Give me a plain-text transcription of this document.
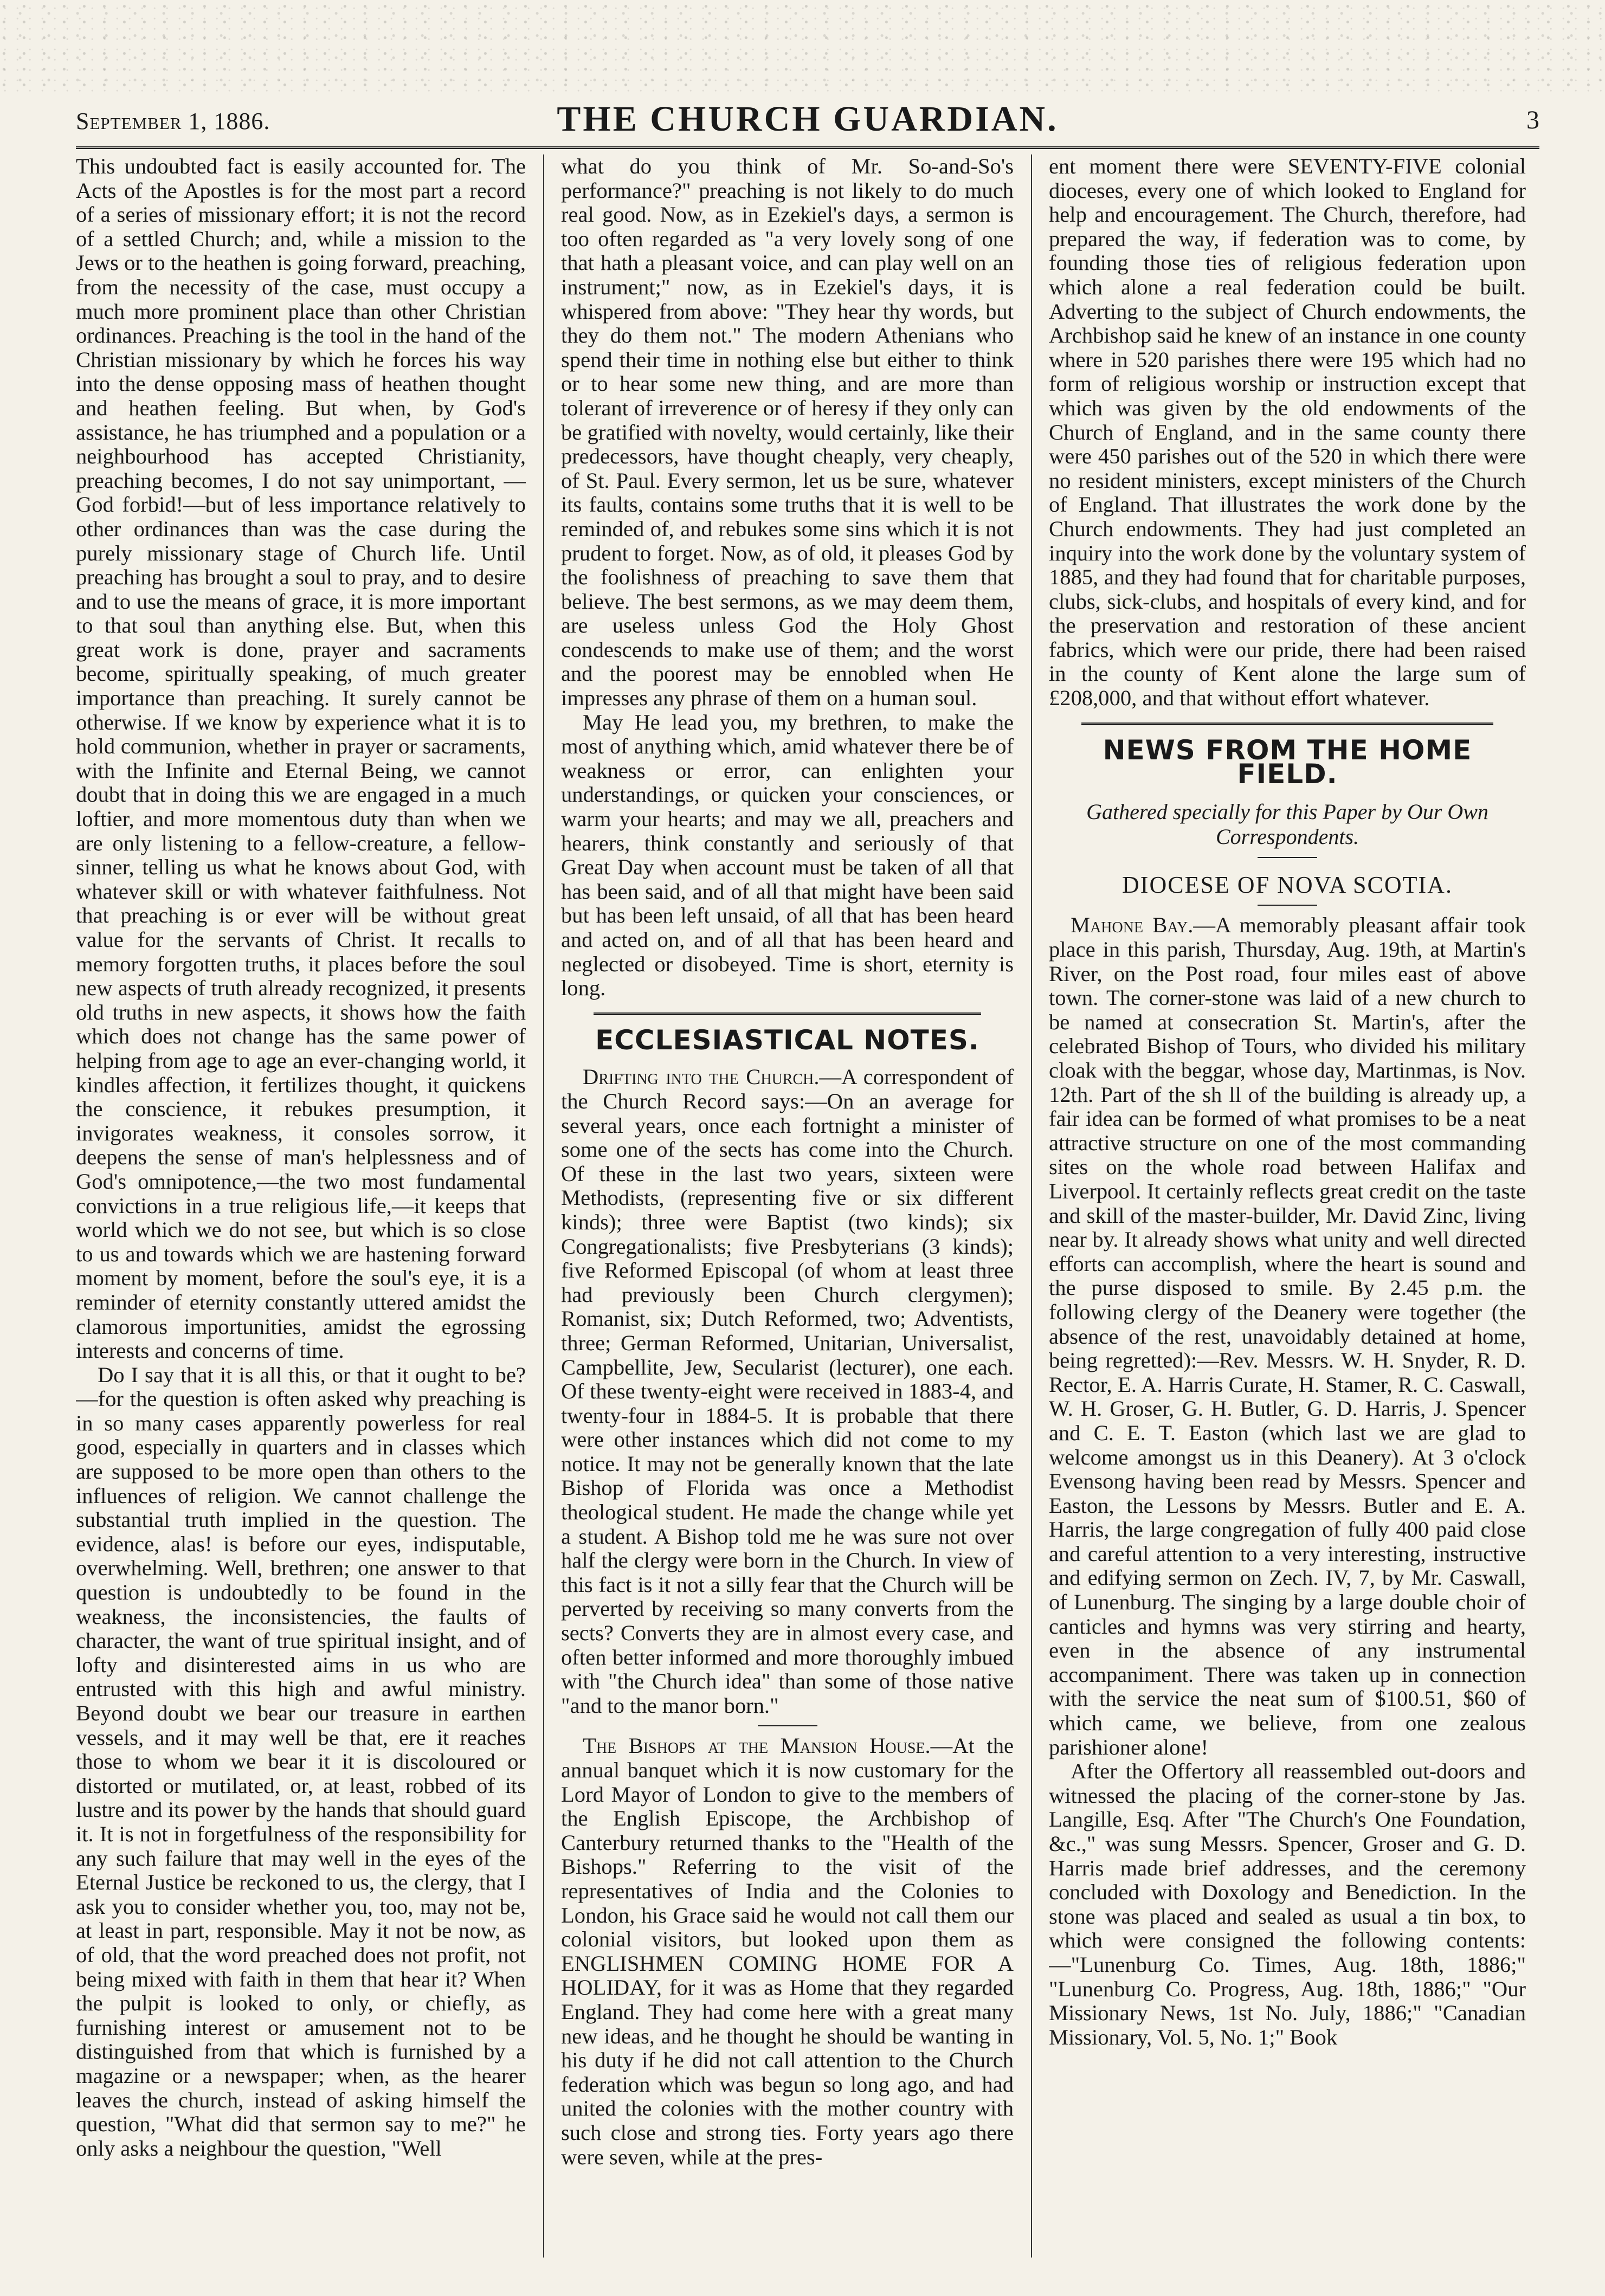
September 1, 1886.	THE CHURCH GUARDIAN.	3

This undoubted fact is easily accounted for. The Acts of the Apostles is for the most part a record of a series of missionary effort; it is not the record of a settled Church; and, while a mission to the Jews or to the heathen is going forward, preaching, from the necessity of the case, must occupy a much more prominent place than other Christian ordinances. Preaching is the tool in the hand of the Christian missionary by which he forces his way into the dense opposing mass of heathen thought and heathen feeling. But when, by God's assistance, he has triumphed and a population or a neighbourhood has accepted Christianity, preaching becomes, I do not say unimportant, —God forbid!—but of less importance relatively to other ordinances than was the case during the purely missionary stage of Church life. Until preaching has brought a soul to pray, and to desire and to use the means of grace, it is more important to that soul than anything else. But, when this great work is done, prayer and sacraments become, spiritually speaking, of much greater importance than preaching. It surely cannot be otherwise. If we know by experience what it is to hold communion, whether in prayer or sacraments, with the Infinite and Eternal Being, we cannot doubt that in doing this we are engaged in a much loftier, and more momentous duty than when we are only listening to a fellow-creature, a fellow-sinner, telling us what he knows about God, with whatever skill or with whatever faithfulness. Not that preaching is or ever will be without great value for the servants of Christ. It recalls to memory forgotten truths, it places before the soul new aspects of truth already recognized, it presents old truths in new aspects, it shows how the faith which does not change has the same power of helping from age to age an ever-changing world, it kindles affection, it fertilizes thought, it quickens the conscience, it rebukes presumption, it invigorates weakness, it consoles sorrow, it deepens the sense of man's helplessness and of God's omnipotence,—the two most fundamental convictions in a true religious life,—it keeps that world which we do not see, but which is so close to us and towards which we are hastening forward moment by moment, before the soul's eye, it is a reminder of eternity constantly uttered amidst the clamorous importunities, amidst the egrossing interests and concerns of time.

Do I say that it is all this, or that it ought to be?—for the question is often asked why preaching is in so many cases apparently powerless for real good, especially in quarters and in classes which are supposed to be more open than others to the influences of religion. We cannot challenge the substantial truth implied in the question. The evidence, alas! is before our eyes, indisputable, overwhelming. Well, brethren; one answer to that question is undoubtedly to be found in the weakness, the inconsistencies, the faults of character, the want of true spiritual insight, and of lofty and disinterested aims in us who are entrusted with this high and awful ministry. Beyond doubt we bear our treasure in earthen vessels, and it may well be that, ere it reaches those to whom we bear it it is discoloured or distorted or mutilated, or, at least, robbed of its lustre and its power by the hands that should guard it. It is not in forgetfulness of the responsibility for any such failure that may well in the eyes of the Eternal Justice be reckoned to us, the clergy, that I ask you to consider whether you, too, may not be, at least in part, responsible. May it not be now, as of old, that the word preached does not profit, not being mixed with faith in them that hear it? When the pulpit is looked to only, or chiefly, as furnishing interest or amusement not to be distinguished from that which is furnished by a magazine or a newspaper; when, as the hearer leaves the church, instead of asking himself the question, "What did that sermon say to me?" he only asks a neighbour the question, "Well

what do you think of Mr. So-and-So's performance?" preaching is not likely to do much real good. Now, as in Ezekiel's days, a sermon is too often regarded as "a very lovely song of one that hath a pleasant voice, and can play well on an instrument;" now, as in Ezekiel's days, it is whispered from above: "They hear thy words, but they do them not." The modern Athenians who spend their time in nothing else but either to think or to hear some new thing, and are more than tolerant of irreverence or of heresy if they only can be gratified with novelty, would certainly, like their predecessors, have thought cheaply, very cheaply, of St. Paul. Every sermon, let us be sure, whatever its faults, contains some truths that it is well to be reminded of, and rebukes some sins which it is not prudent to forget. Now, as of old, it pleases God by the foolishness of preaching to save them that believe. The best sermons, as we may deem them, are useless unless God the Holy Ghost condescends to make use of them; and the worst and the poorest may be ennobled when He impresses any phrase of them on a human soul.

May He lead you, my brethren, to make the most of anything which, amid whatever there be of weakness or error, can enlighten your understandings, or quicken your consciences, or warm your hearts; and may we all, preachers and hearers, think constantly and seriously of that Great Day when account must be taken of all that has been said, and of all that might have been said but has been left unsaid, of all that has been heard and acted on, and of all that has been heard and neglected or disobeyed. Time is short, eternity is long.

ECCLESIASTICAL NOTES.

Drifting into the Church.—A correspondent of the Church Record says:—On an average for several years, once each fortnight a minister of some one of the sects has come into the Church. Of these in the last two years, sixteen were Methodists, (representing five or six different kinds); three were Baptist (two kinds); six Congregationalists; five Presbyterians (3 kinds); five Reformed Episcopal (of whom at least three had previously been Church clergymen); Romanist, six; Dutch Reformed, two; Adventists, three; German Reformed, Unitarian, Universalist, Campbellite, Jew, Secularist (lecturer), one each. Of these twenty-eight were received in 1883-4, and twenty-four in 1884-5. It is probable that there were other instances which did not come to my notice. It may not be generally known that the late Bishop of Florida was once a Methodist theological student. He made the change while yet a student. A Bishop told me he was sure not over half the clergy were born in the Church. In view of this fact is it not a silly fear that the Church will be perverted by receiving so many converts from the sects? Converts they are in almost every case, and often better informed and more thoroughly imbued with "the Church idea" than some of those native "and to the manor born."

The Bishops at the Mansion House.—At the annual banquet which it is now customary for the Lord Mayor of London to give to the members of the English Episcope, the Archbishop of Canterbury returned thanks to the "Health of the Bishops." Referring to the visit of the representatives of India and the Colonies to London, his Grace said he would not call them our colonial visitors, but looked upon them as ENGLISHMEN COMING HOME FOR A HOLIDAY, for it was as Home that they regarded England. They had come here with a great many new ideas, and he thought he should be wanting in his duty if he did not call attention to the Church federation which was begun so long ago, and had united the colonies with the mother country with such close and strong ties. Forty years ago there were seven, while at the pres-

ent moment there were SEVENTY-FIVE colonial dioceses, every one of which looked to England for help and encouragement. The Church, therefore, had prepared the way, if federation was to come, by founding those ties of religious federation upon which alone a real federation could be built. Adverting to the subject of Church endowments, the Archbishop said he knew of an instance in one county where in 520 parishes there were 195 which had no form of religious worship or instruction except that which was given by the old endowments of the Church of England, and in the same county there were 450 parishes out of the 520 in which there were no resident ministers, except ministers of the Church of England. That illustrates the work done by the Church endowments. They had just completed an inquiry into the work done by the voluntary system of 1885, and they had found that for charitable purposes, clubs, sick-clubs, and hospitals of every kind, and for the preservation and restoration of these ancient fabrics, which were our pride, there had been raised in the county of Kent alone the large sum of £208,000, and that without effort whatever.

NEWS FROM THE HOME FIELD.
Gathered specially for this Paper by Our Own Correspondents.
DIOCESE OF NOVA SCOTIA.

Mahone Bay.—A memorably pleasant affair took place in this parish, Thursday, Aug. 19th, at Martin's River, on the Post road, four miles east of above town. The corner-stone was laid of a new church to be named at consecration St. Martin's, after the celebrated Bishop of Tours, who divided his military cloak with the beggar, whose day, Martinmas, is Nov. 12th. Part of the sh ll of the building is already up, a fair idea can be formed of what promises to be a neat attractive structure on one of the most commanding sites on the whole road between Halifax and Liverpool. It certainly reflects great credit on the taste and skill of the master-builder, Mr. David Zinc, living near by. It already shows what unity and well directed efforts can accomplish, where the heart is sound and the purse disposed to smile. By 2.45 p.m. the following clergy of the Deanery were together (the absence of the rest, unavoidably detained at home, being regretted):—Rev. Messrs. W. H. Snyder, R. D. Rector, E. A. Harris Curate, H. Stamer, R. C. Caswall, W. H. Groser, G. H. Butler, G. D. Harris, J. Spencer and C. E. T. Easton (which last we are glad to welcome amongst us in this Deanery). At 3 o'clock Evensong having been read by Messrs. Spencer and Easton, the Lessons by Messrs. Butler and E. A. Harris, the large congregation of fully 400 paid close and careful attention to a very interesting, instructive and edifying sermon on Zech. IV, 7, by Mr. Caswall, of Lunenburg. The singing by a large double choir of canticles and hymns was very stirring and hearty, even in the absence of any instrumental accompaniment. There was taken up in connection with the service the neat sum of $100.51, $60 of which came, we believe, from one zealous parishioner alone!

After the Offertory all reassembled out-doors and witnessed the placing of the corner-stone by Jas. Langille, Esq. After "The Church's One Foundation, &c.," was sung Messrs. Spencer, Groser and G. D. Harris made brief addresses, and the ceremony concluded with Doxology and Benediction. In the stone was placed and sealed as usual a tin box, to which were consigned the following contents:—"Lunenburg Co. Times, Aug. 18th, 1886;" "Lunenburg Co. Progress, Aug. 18th, 1886;" "Our Missionary News, 1st No. July, 1886;" "Canadian Missionary, Vol. 5, No. 1;" Book
